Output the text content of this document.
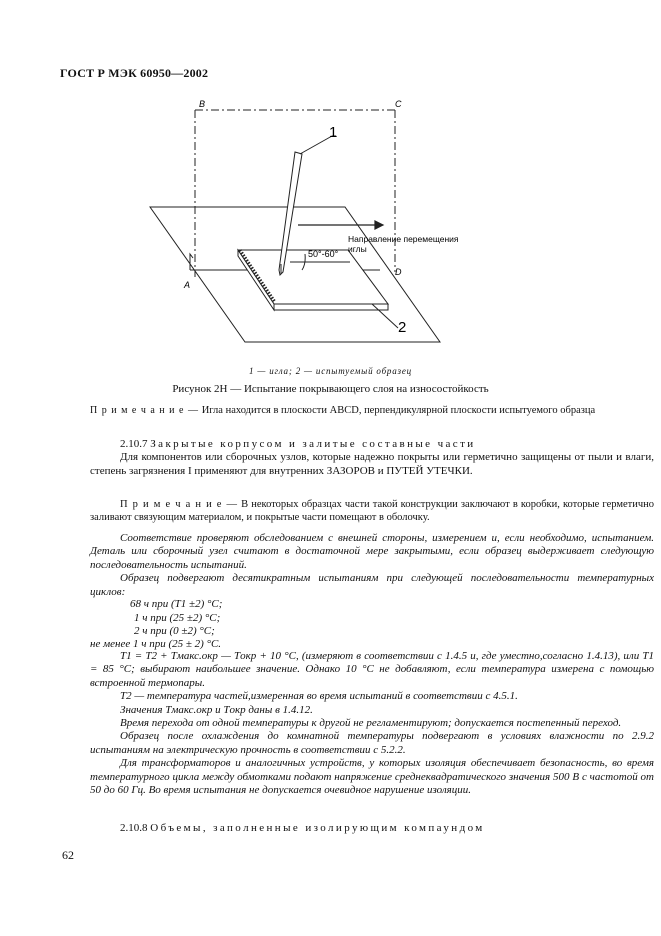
ГОСТ Р МЭК 60950—2002
50°-60°
Направление перемещения
иглы
1
2
B	C
A
D
1 — игла; 2 — испытуемый образец
Рисунок 2Н — Испытание покрывающего слоя на износостойкость
П р и м е ч а н и е — Игла находится в плоскости ABCD, перпендикулярной плоскости испытуемого образца
2.10.7 Закрытые корпусом и залитые составные части
Для компонентов или сборочных узлов, которые надежно покрыты или герметично защищены от пыли и влаги, степень загрязнения I применяют для внутренних ЗАЗОРОВ и ПУТЕЙ УТЕЧКИ.
П р и м е ч а н и е — В некоторых образцах части такой конструкции заключают в коробки, которые герметично заливают связующим материалом, и покрытые части помещают в оболочку.
Соответствие проверяют обследованием с внешней стороны, измерением и, если необходимо, испытанием. Деталь или сборочный узел считают в достаточной мере закрытыми, если образец выдерживает следующую последовательность испытаний.
Образец подвергают десятикратным испытаниям при следующей последовательности температурных циклов:
68 ч при (T1 ±2) °C;
1 ч при (25 ±2) °C;
2 ч при (0 ±2) °C;
не менее 1 ч при (25 ± 2) °C.
T1 = T2 + Tмакс.окр — Tокр + 10 °C, (измеряют в соответствии с 1.4.5 и, где уместно,согласно 1.4.13), или T1 = 85 °C; выбирают наибольшее значение. Однако 10 °C не добавляют, если температура измерена с помощью встроенной термопары.
T2 — температура частей,измеренная во время испытаний в соответствии с 4.5.1.
Значения Tмакс.окр и Tокр даны в 1.4.12.
Время перехода от одной температуры к другой не регламентируют; допускается постепенный переход.
Образец после охлаждения до комнатной температуры подвергают в условиях влажности по 2.9.2 испытаниям на электрическую прочность в соответствии с 5.2.2.
Для трансформаторов и аналогичных устройств, у которых изоляция обеспечивает безопасность, во время температурного цикла между обмотками подают напряжение среднеквадратического значения 500 В с частотой от 50 до 60 Гц. Во время испытания не допускается очевидное нарушение изоляции.
2.10.8 Объемы, заполненные изолирующим компаундом
62
